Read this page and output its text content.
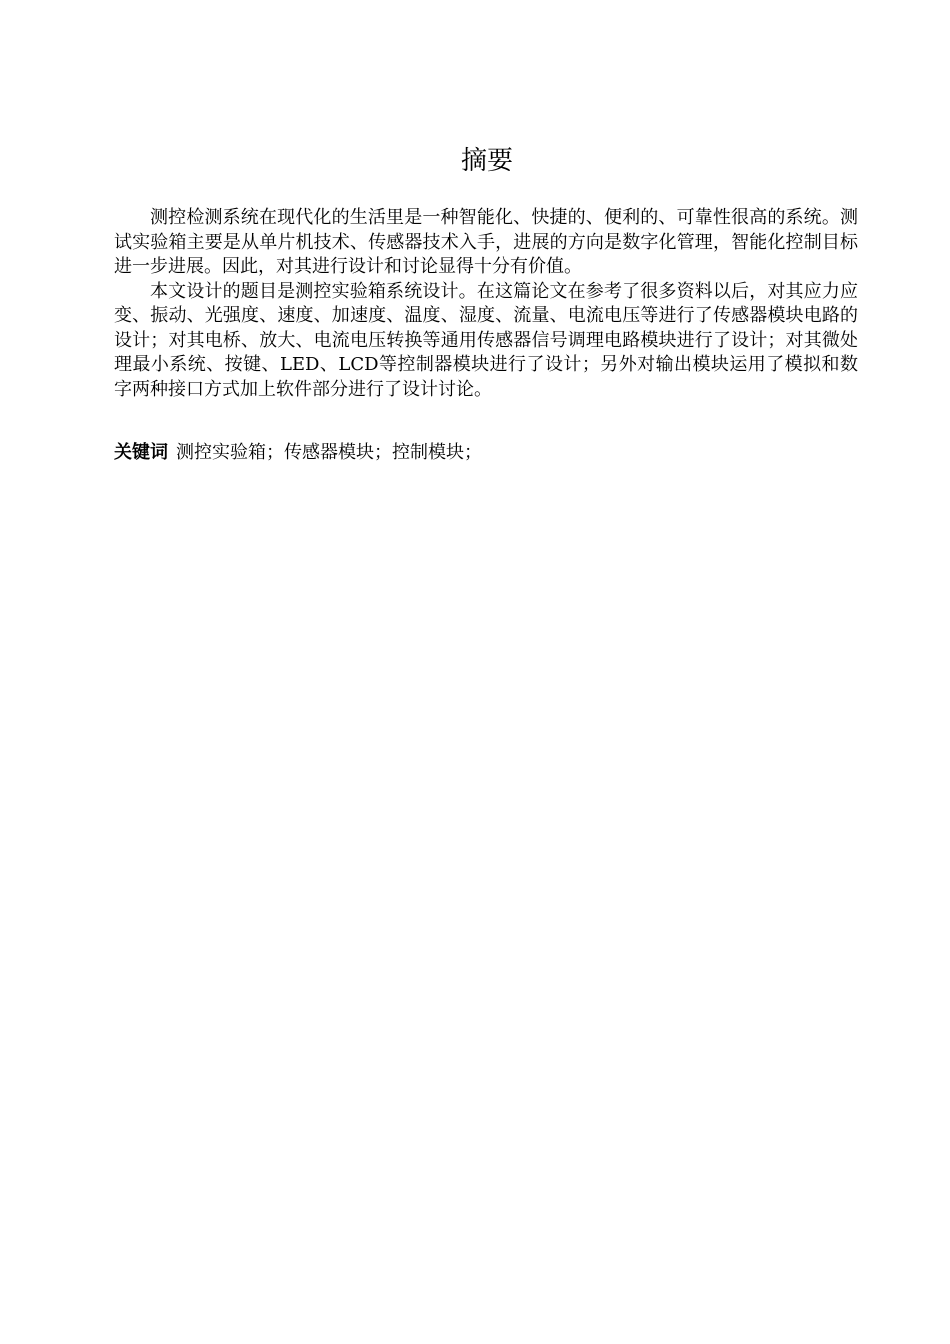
摘要

测控检测系统在现代化的生活里是一种智能化、快捷的、便利的、可靠性很高的系统。测试实验箱主要是从单片机技术、传感器技术入手，进展的方向是数字化管理，智能化控制目标进一步进展。因此，对其进行设计和讨论显得十分有价值。

本文设计的题目是测控实验箱系统设计。在这篇论文在参考了很多资料以后，对其应力应变、振动、光强度、速度、加速度、温度、湿度、流量、电流电压等进行了传感器模块电路的设计；对其电桥、放大、电流电压转换等通用传感器信号调理电路模块进行了设计；对其微处理最小系统、按键、LED、LCD等控制器模块进行了设计；另外对输出模块运用了模拟和数字两种接口方式加上软件部分进行了设计讨论。

关键词 测控实验箱；传感器模块；控制模块；
